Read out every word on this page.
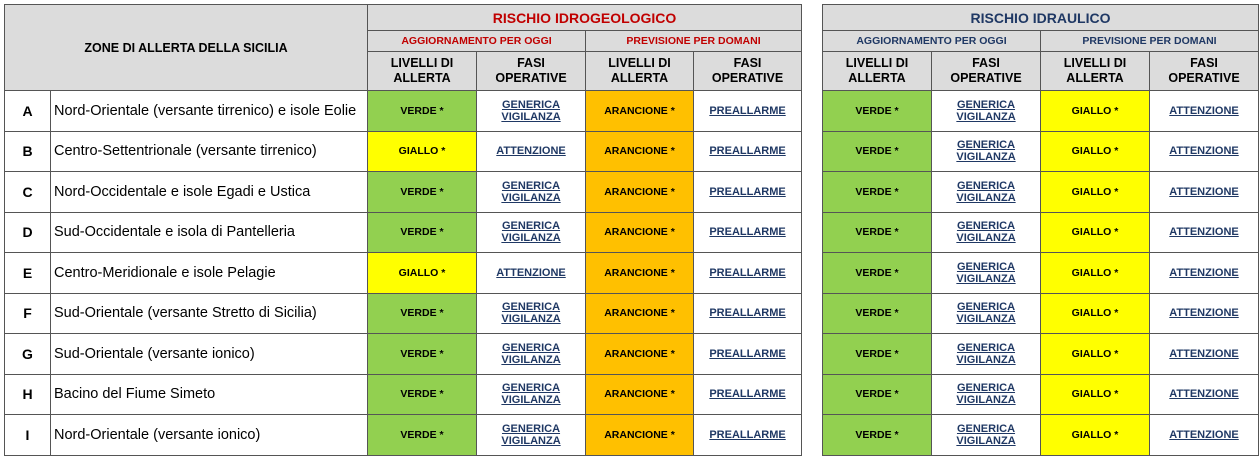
ZONE DI ALLERTA DELLA SICILIA		RISCHIO IDROGEOLOGICO			
		AGGIORNAMENTO PER OGGI		PREVISIONE PER DOMANI	
		LIVELLI DI
ALLERTA	FASI
OPERATIVE	LIVELLI DI
ALLERTA	FASI
OPERATIVE
A	Nord-Orientale (versante tirrenico) e isole Eolie	VERDE *	GENERICA
VIGILANZA	ARANCIONE *	PREALLARME
B	Centro-Settentrionale (versante tirrenico)	GIALLO *	ATTENZIONE	ARANCIONE *	PREALLARME
C	Nord-Occidentale e isole Egadi e Ustica	VERDE *	GENERICA
VIGILANZA	ARANCIONE *	PREALLARME
D	Sud-Occidentale e isola di Pantelleria	VERDE *	GENERICA
VIGILANZA	ARANCIONE *	PREALLARME
E	Centro-Meridionale e isole Pelagie	GIALLO *	ATTENZIONE	ARANCIONE *	PREALLARME
F	Sud-Orientale (versante Stretto di Sicilia)	VERDE *	GENERICA
VIGILANZA	ARANCIONE *	PREALLARME
G	Sud-Orientale (versante ionico)	VERDE *	GENERICA
VIGILANZA	ARANCIONE *	PREALLARME
H	Bacino del Fiume Simeto	VERDE *	GENERICA
VIGILANZA	ARANCIONE *	PREALLARME
I	Nord-Orientale (versante ionico)	VERDE *	GENERICA
VIGILANZA	ARANCIONE *	PREALLARME
RISCHIO IDRAULICO			
AGGIORNAMENTO PER OGGI		PREVISIONE PER DOMANI	
LIVELLI DI
ALLERTA	FASI
OPERATIVE	LIVELLI DI
ALLERTA	FASI
OPERATIVE
VERDE *	GENERICA
VIGILANZA	GIALLO *	ATTENZIONE
VERDE *	GENERICA
VIGILANZA	GIALLO *	ATTENZIONE
VERDE *	GENERICA
VIGILANZA	GIALLO *	ATTENZIONE
VERDE *	GENERICA
VIGILANZA	GIALLO *	ATTENZIONE
VERDE *	GENERICA
VIGILANZA	GIALLO *	ATTENZIONE
VERDE *	GENERICA
VIGILANZA	GIALLO *	ATTENZIONE
VERDE *	GENERICA
VIGILANZA	GIALLO *	ATTENZIONE
VERDE *	GENERICA
VIGILANZA	GIALLO *	ATTENZIONE
VERDE *	GENERICA
VIGILANZA	GIALLO *	ATTENZIONE
